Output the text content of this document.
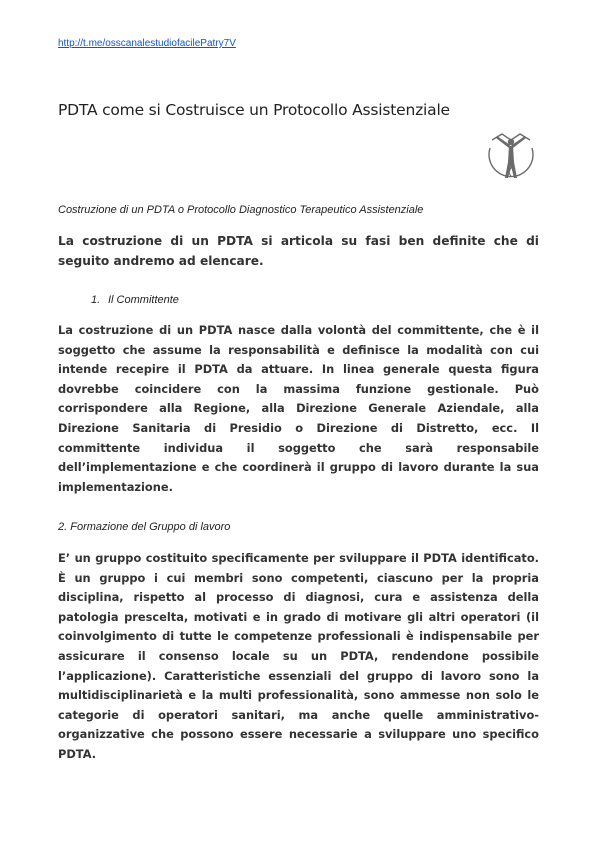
http://t.me/osscanalestudiofacilePatry7V
PDTA come si Costruisce un Protocollo Assistenziale
Costruzione di un PDTA o Protocollo Diagnostico Terapeutico Assistenziale

La costruzione di un PDTA si articola su fasi ben definite che di seguito andremo ad elencare.

1. Il Committente

La costruzione di un PDTA nasce dalla volontà del committente, che è il soggetto che assume la responsabilità e definisce la modalità con cui intende recepire il PDTA da attuare. In linea generale questa figura dovrebbe coincidere con la massima funzione gestionale. Può corrispondere alla Regione, alla Direzione Generale Aziendale, alla Direzione Sanitaria di Presidio o Direzione di Distretto, ecc. Il committente individua il soggetto che sarà responsabile dell’implementazione e che coordinerà il gruppo di lavoro durante la sua implementazione.

2. Formazione del Gruppo di lavoro

E’ un gruppo costituito specificamente per sviluppare il PDTA identificato. È un gruppo i cui membri sono competenti, ciascuno per la propria disciplina, rispetto al processo di diagnosi, cura e assistenza della patologia prescelta, motivati e in grado di motivare gli altri operatori (il coinvolgimento di tutte le competenze professionali è indispensabile per assicurare il consenso locale su un PDTA, rendendone possibile l’applicazione). Caratteristiche essenziali del gruppo di lavoro sono la multidisciplinarietà e la multi professionalità, sono ammesse non solo le categorie di operatori sanitari, ma anche quelle amministrativo-organizzative che possono essere necessarie a sviluppare uno specifico PDTA.
